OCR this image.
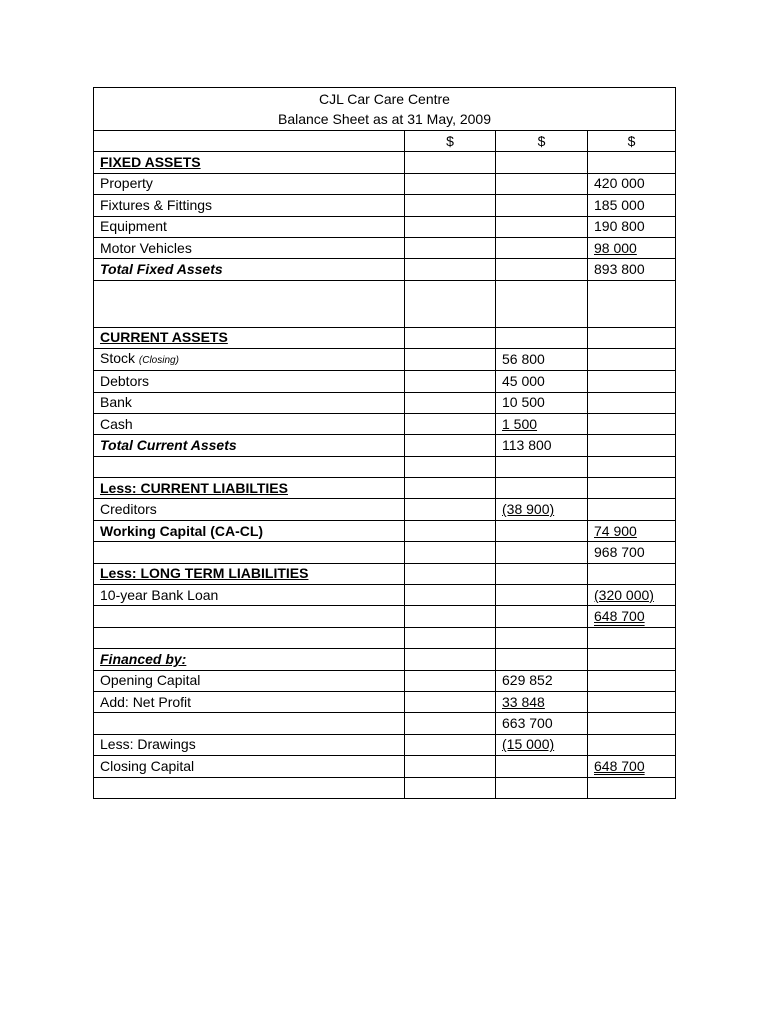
CJL Car Care Centre
Balance Sheet as at 31 May, 2009			

	$	$	$
FIXED ASSETS			
Property			420 000
Fixtures & Fittings			185 000
Equipment			190 800
Motor Vehicles			98 000
Total Fixed Assets			893 800

CURRENT ASSETS			
Stock (Closing)		56 800	
Debtors		45 000	
Bank		10 500	
Cash		1 500	
Total Current Assets		113 800	

Less: CURRENT LIABILTIES			
Creditors		(38 900)	
Working Capital (CA-CL)			74 900
			968 700
Less: LONG TERM LIABILITIES			
10-year Bank Loan			(320 000)
			648 700

Financed by:			
Opening Capital		629 852	
Add: Net Profit		33 848	
		663 700	
Less: Drawings		(15 000)	
Closing Capital			648 700
